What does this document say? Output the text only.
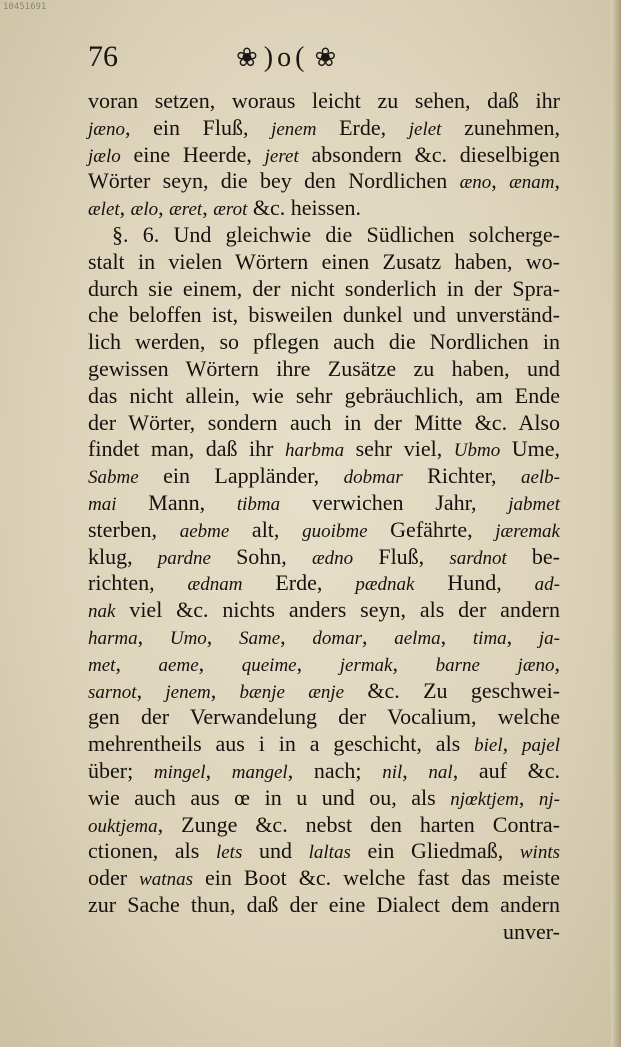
10451691
76	❀ )o( ❀
voran setzen, woraus leicht zu sehen, daß ihr
jæno, ein Fluß, jenem Erde, jelet zunehmen,
jælo eine Heerde, jeret absondern &c. dieselbigen
Wörter seyn, die bey den Nordlichen æno, ænam,
ælet, ælo, æret, ærot &c. heissen.
§. 6. Und gleichwie die Südlichen solcherge-
stalt in vielen Wörtern einen Zusatz haben, wo-
durch sie einem, der nicht sonderlich in der Spra-
che beloffen ist, bisweilen dunkel und unverständ-
lich werden, so pflegen auch die Nordlichen in
gewissen Wörtern ihre Zusätze zu haben, und
das nicht allein, wie sehr gebräuchlich, am Ende
der Wörter, sondern auch in der Mitte &c. Also
findet man, daß ihr harbma sehr viel, Ubmo Ume,
Sabme ein Lappländer, dobmar Richter, aelb-
mai Mann, tibma verwichen Jahr, jabmet
sterben, aebme alt, guoibme Gefährte, jæremak
klug, pardne Sohn, ædno Fluß, sardnot be-
richten, ædnam Erde, pædnak Hund, ad-
nak viel &c. nichts anders seyn, als der andern
harma, Umo, Same, domar, aelma, tima, ja-
met, aeme, queime, jermak, barne jæno,
sarnot, jenem, bænje ænje &c. Zu geschwei-
gen der Verwandelung der Vocalium, welche
mehrentheils aus i in a geschicht, als biel, pajel
über; mingel, mangel, nach; nil, nal, auf &c.
wie auch aus œ in u und ou, als njœktjem, nj-
ouktjema, Zunge &c. nebst den harten Contra-
ctionen, als lets und laltas ein Gliedmaß, wints
oder watnas ein Boot &c. welche fast das meiste
zur Sache thun, daß der eine Dialect dem andern
unver-
